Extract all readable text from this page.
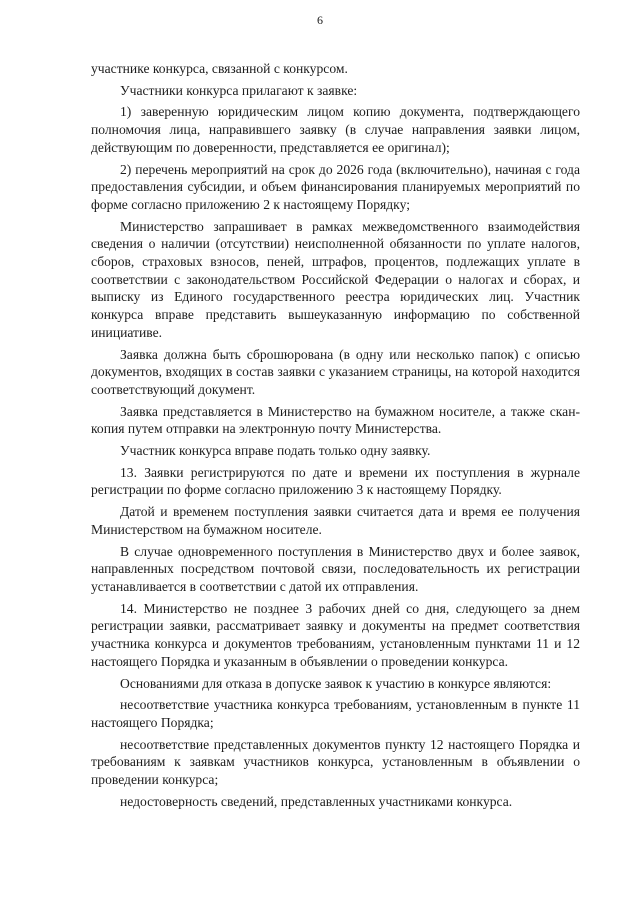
6

участнике конкурса, связанной с конкурсом.

Участники конкурса прилагают к заявке:

1) заверенную юридическим лицом копию документа, подтверждающего полномочия лица, направившего заявку (в случае направления заявки лицом, действующим по доверенности, представляется ее оригинал);

2) перечень мероприятий на срок до 2026 года (включительно), начиная с года предоставления субсидии, и объем финансирования планируемых мероприятий по форме согласно приложению 2 к настоящему Порядку;

Министерство запрашивает в рамках межведомственного взаимодействия сведения о наличии (отсутствии) неисполненной обязанности по уплате налогов, сборов, страховых взносов, пеней, штрафов, процентов, подлежащих уплате в соответствии с законодательством Российской Федерации о налогах и сборах, и выписку из Единого государственного реестра юридических лиц. Участник конкурса вправе представить вышеуказанную информацию по собственной инициативе.

Заявка должна быть сброшюрована (в одну или несколько папок) с описью документов, входящих в состав заявки с указанием страницы, на которой находится соответствующий документ.

Заявка представляется в Министерство на бумажном носителе, а также скан-копия путем отправки на электронную почту Министерства.

Участник конкурса вправе подать только одну заявку.

13. Заявки регистрируются по дате и времени их поступления в журнале регистрации по форме согласно приложению 3 к настоящему Порядку.

Датой и временем поступления заявки считается дата и время ее получения Министерством на бумажном носителе.

В случае одновременного поступления в Министерство двух и более заявок, направленных посредством почтовой связи, последовательность их регистрации устанавливается в соответствии с датой их отправления.

14. Министерство не позднее 3 рабочих дней со дня, следующего за днем регистрации заявки, рассматривает заявку и документы на предмет соответствия участника конкурса и документов требованиям, установленным пунктами 11 и 12 настоящего Порядка и указанным в объявлении о проведении конкурса.

Основаниями для отказа в допуске заявок к участию в конкурсе являются:

несоответствие участника конкурса требованиям, установленным в пункте 11 настоящего Порядка;

несоответствие представленных документов пункту 12 настоящего Порядка и требованиям к заявкам участников конкурса, установленным в объявлении о проведении конкурса;

недостоверность сведений, представленных участниками конкурса.
